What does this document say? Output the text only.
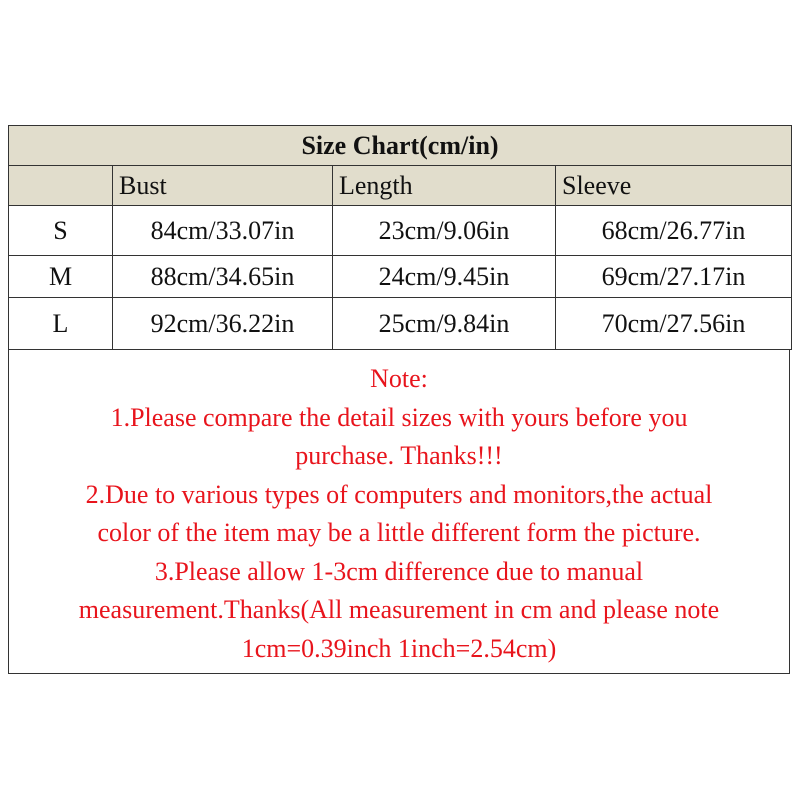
Size Chart(cm/in)			
	Bust	Length	Sleeve
S	84cm/33.07in	23cm/9.06in	68cm/26.77in
M	88cm/34.65in	24cm/9.45in	69cm/27.17in
L	92cm/36.22in	25cm/9.84in	70cm/27.56in
Note:
1.Please compare the detail sizes with yours before you
purchase. Thanks!!!
2.Due to various types of computers and monitors,the actual
color of the item may be a little different form the picture.
3.Please allow 1-3cm difference due to manual
measurement.Thanks(All measurement in cm and please note
1cm=0.39inch 1inch=2.54cm)
